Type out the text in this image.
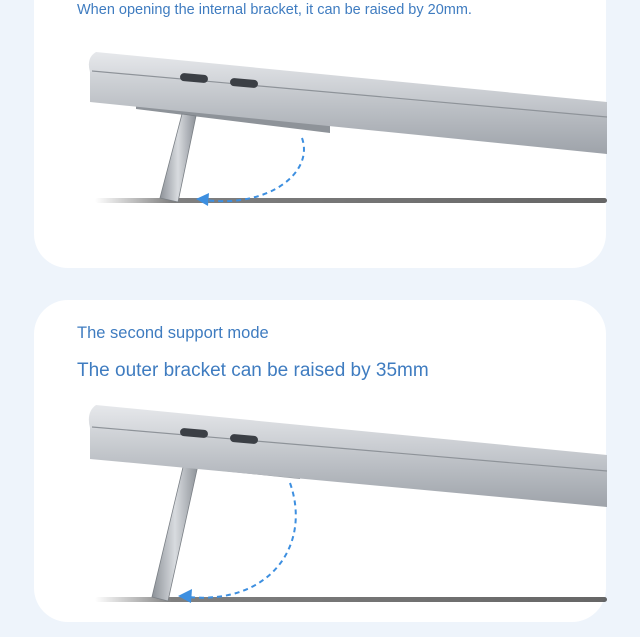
When opening the internal bracket, it can be raised by 20mm.

The second support mode

The outer bracket can be raised by 35mm
